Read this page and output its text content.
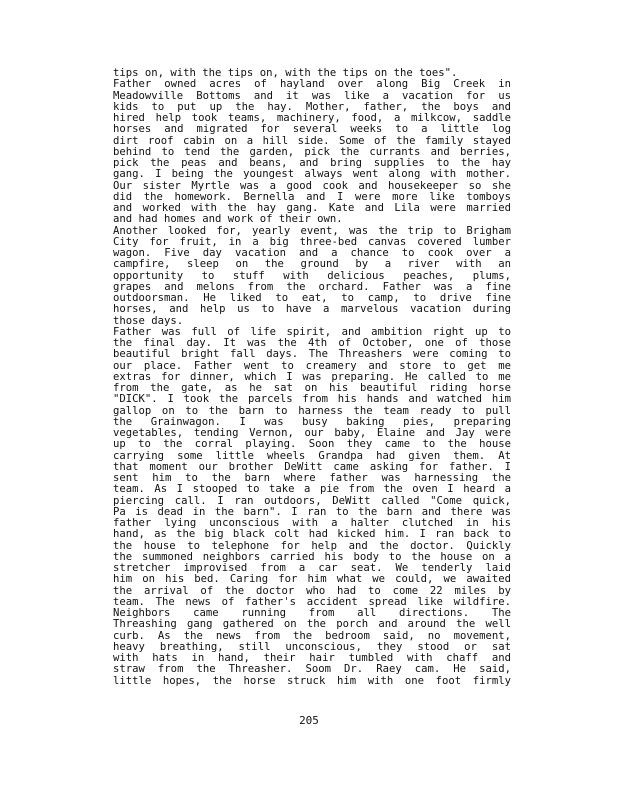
tips on, with the tips on, with the tips on the toes".
Father owned acres of hayland over along Big Creek in
Meadowville Bottoms and it was like a vacation for us
kids to put up the hay. Mother, father, the boys and
hired help took teams, machinery, food, a milkcow, saddle
horses and migrated for several weeks to a little log
dirt roof cabin on a hill side. Some of the family stayed
behind to tend the garden, pick the currants and berries,
pick the peas and beans, and bring supplies to the hay
gang. I being the youngest always went along with mother.
Our sister Myrtle was a good cook and housekeeper so she
did the homework. Bernella and I were more like tomboys
and worked with the hay gang. Kate and Lila were married
and had homes and work of their own.
Another looked for, yearly event, was the trip to Brigham
City for fruit, in a big three-bed canvas covered lumber
wagon. Five day vacation and a chance to cook over a
campfire, sleep on the ground by a river with an
opportunity to stuff with delicious peaches, plums,
grapes and melons from the orchard. Father was a fine
outdoorsman. He liked to eat, to camp, to drive fine
horses, and help us to have a marvelous vacation during
those days.
Father was full of life spirit, and ambition right up to
the final day. It was the 4th of October, one of those
beautiful bright fall days. The Threashers were coming to
our place. Father went to creamery and store to get me
extras for dinner, which I was preparing. He called to me
from the gate, as he sat on his beautiful riding horse
"DICK". I took the parcels from his hands and watched him
gallop on to the barn to harness the team ready to pull
the Grainwagon. I was busy baking pies, preparing
vegetables, tending Vernon, our baby, Elaine and Jay were
up to the corral playing. Soon they came to the house
carrying some little wheels Grandpa had given them. At
that moment our brother DeWitt came asking for father. I
sent him to the barn where father was harnessing the
team. As I stooped to take a pie from the oven I heard a
piercing call. I ran outdoors, DeWitt called "Come quick,
Pa is dead in the barn". I ran to the barn and there was
father lying unconscious with a halter clutched in his
hand, as the big black colt had kicked him. I ran back to
the house to telephone for help and the doctor. Quickly
the summoned neighbors carried his body to the house on a
stretcher improvised from a car seat. We tenderly laid
him on his bed. Caring for him what we could, we awaited
the arrival of the doctor who had to come 22 miles by
team. The news of father's accident spread like wildfire.
Neighbors came running from all directions. The
Threashing gang gathered on the porch and around the well
curb. As the news from the bedroom said, no movement,
heavy breathing, still unconscious, they stood or sat
with hats in hand, their hair tumbled with chaff and
straw from the Threasher. Soom Dr. Raey cam. He said,
little hopes, the horse struck him with one foot firmly
205
